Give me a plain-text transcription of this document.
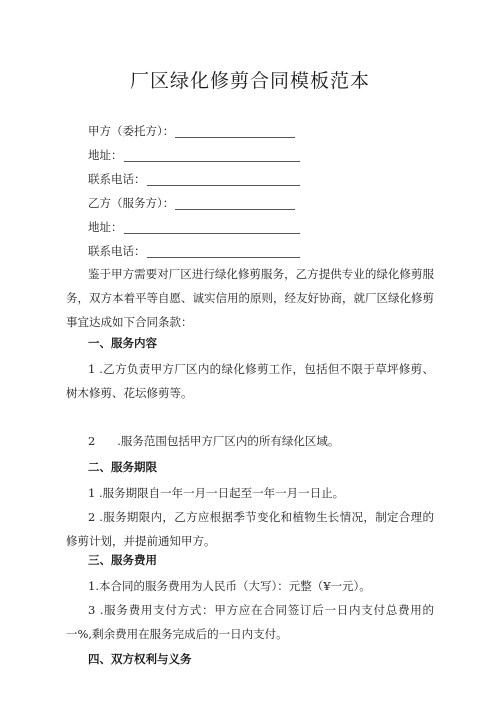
厂区绿化修剪合同模板范本
甲方（委托方）：
地址：
联系电话：
乙方（服务方）：
地址：
联系电话：
鉴于甲方需要对厂区进行绿化修剪服务，乙方提供专业的绿化修剪服务，双方本着平等自愿、诚实信用的原则，经友好协商，就厂区绿化修剪事宜达成如下合同条款：
一、服务内容
1 .乙方负责甲方厂区内的绿化修剪工作，包括但不限于草坪修剪、树木修剪、花坛修剪等。
2      .服务范围包括甲方厂区内的所有绿化区域。
二、服务期限
1 .服务期限自一年一月一日起至一年一月一日止。
2 .服务期限内，乙方应根据季节变化和植物生长情况，制定合理的修剪计划，并提前通知甲方。
三、服务费用
1.本合同的服务费用为人民币（大写）：元整（¥一元）。
3 .服务费用支付方式：甲方应在合同签订后一日内支付总费用的一%,剩余费用在服务完成后的一日内支付。
四、双方权利与义务
